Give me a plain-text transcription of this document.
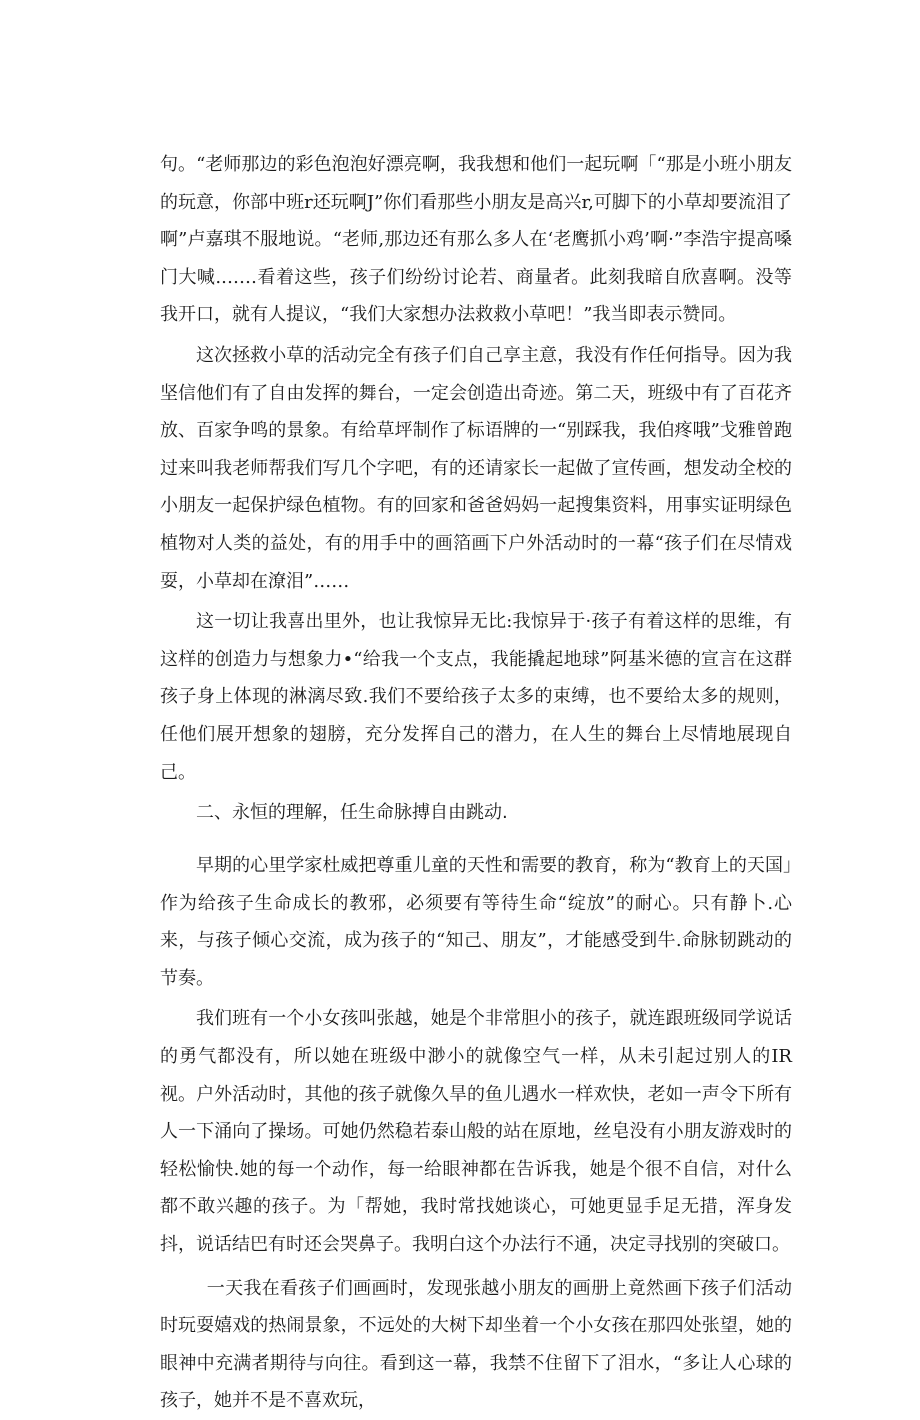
句。“老师那边的彩色泡泡好漂亮啊，我我想和他们一起玩啊「“那是小班小朋友的玩意，你部中班r还玩啊J”你们看那些小朋友是高兴r,可脚下的小草却要流泪了啊”卢嘉琪不服地说。“老师,那边还有那么多人在‘老鹰抓小鸡’啊·”李浩宇提高嗓门大喊.……看着这些，孩子们纷纷讨论若、商量者。此刻我暗自欣喜啊。没等我开口，就有人提议，“我们大家想办法救救小草吧！”我当即表示赞同。

这次拯救小草的活动完全有孩子们自己享主意，我没有作任何指导。因为我坚信他们有了自由发挥的舞台，一定会创造出奇迹。第二天，班级中有了百花齐放、百家争鸣的景象。有给草坪制作了标语牌的一“别踩我，我伯疼哦”戈雅曾跑过来叫我老师帮我们写几个字吧，有的还请家长一起做了宣传画，想发动全校的小朋友一起保护绿色植物。有的回家和爸爸妈妈一起搜集资料，用事实证明绿色植物对人类的益处，有的用手中的画箔画下户外活动时的一幕“孩子们在尽情戏耍，小草却在潦泪”……

这一切让我喜出里外，也让我惊异无比:我惊异于·孩子有着这样的思维，有这样的创造力与想象力•“给我一个支点，我能撬起地球”阿基米德的宣言在这群孩子身上体现的淋漓尽致.我们不要给孩子太多的束缚，也不要给太多的规则，任他们展开想象的翅膀，充分发挥自己的潜力，在人生的舞台上尽情地展现自己。

二、永恒的理解，任生命脉搏自由跳动.

早期的心里学家杜威把尊重儿童的天性和需要的教育，称为“教育上的天国」作为给孩子生命成长的教邪，必须要有等待生命“绽放”的耐心。只有静卜.心来，与孩子倾心交流，成为孩子的“知己、朋友”，才能感受到牛.命脉韧跳动的节奏。

我们班有一个小女孩叫张越，她是个非常胆小的孩子，就连跟班级同学说话的勇气都没有，所以她在班级中渺小的就像空气一样，从未引起过别人的IR视。户外活动时，其他的孩子就像久旱的鱼儿遇水一样欢快，老如一声令下所有人一下涌向了操场。可她仍然稳若泰山般的站在原地，丝皂没有小朋友游戏时的轻松愉快.她的每一个动作，每一给眼神都在告诉我，她是个很不自信，对什么都不敢兴趣的孩子。为「帮她，我时常找她谈心，可她更显手足无措，浑身发抖，说话结巴有时还会哭鼻子。我明白这个办法行不通，决定寻找别的突破口。

一天我在看孩子们画画时，发现张越小朋友的画册上竟然画下孩子们活动时玩耍嬉戏的热闹景象，不远处的大树下却坐着一个小女孩在那四处张望，她的眼神中充满者期待与向往。看到这一幕，我禁不住留下了泪水，“多让人心球的孩子，她并不是不喜欢玩，
